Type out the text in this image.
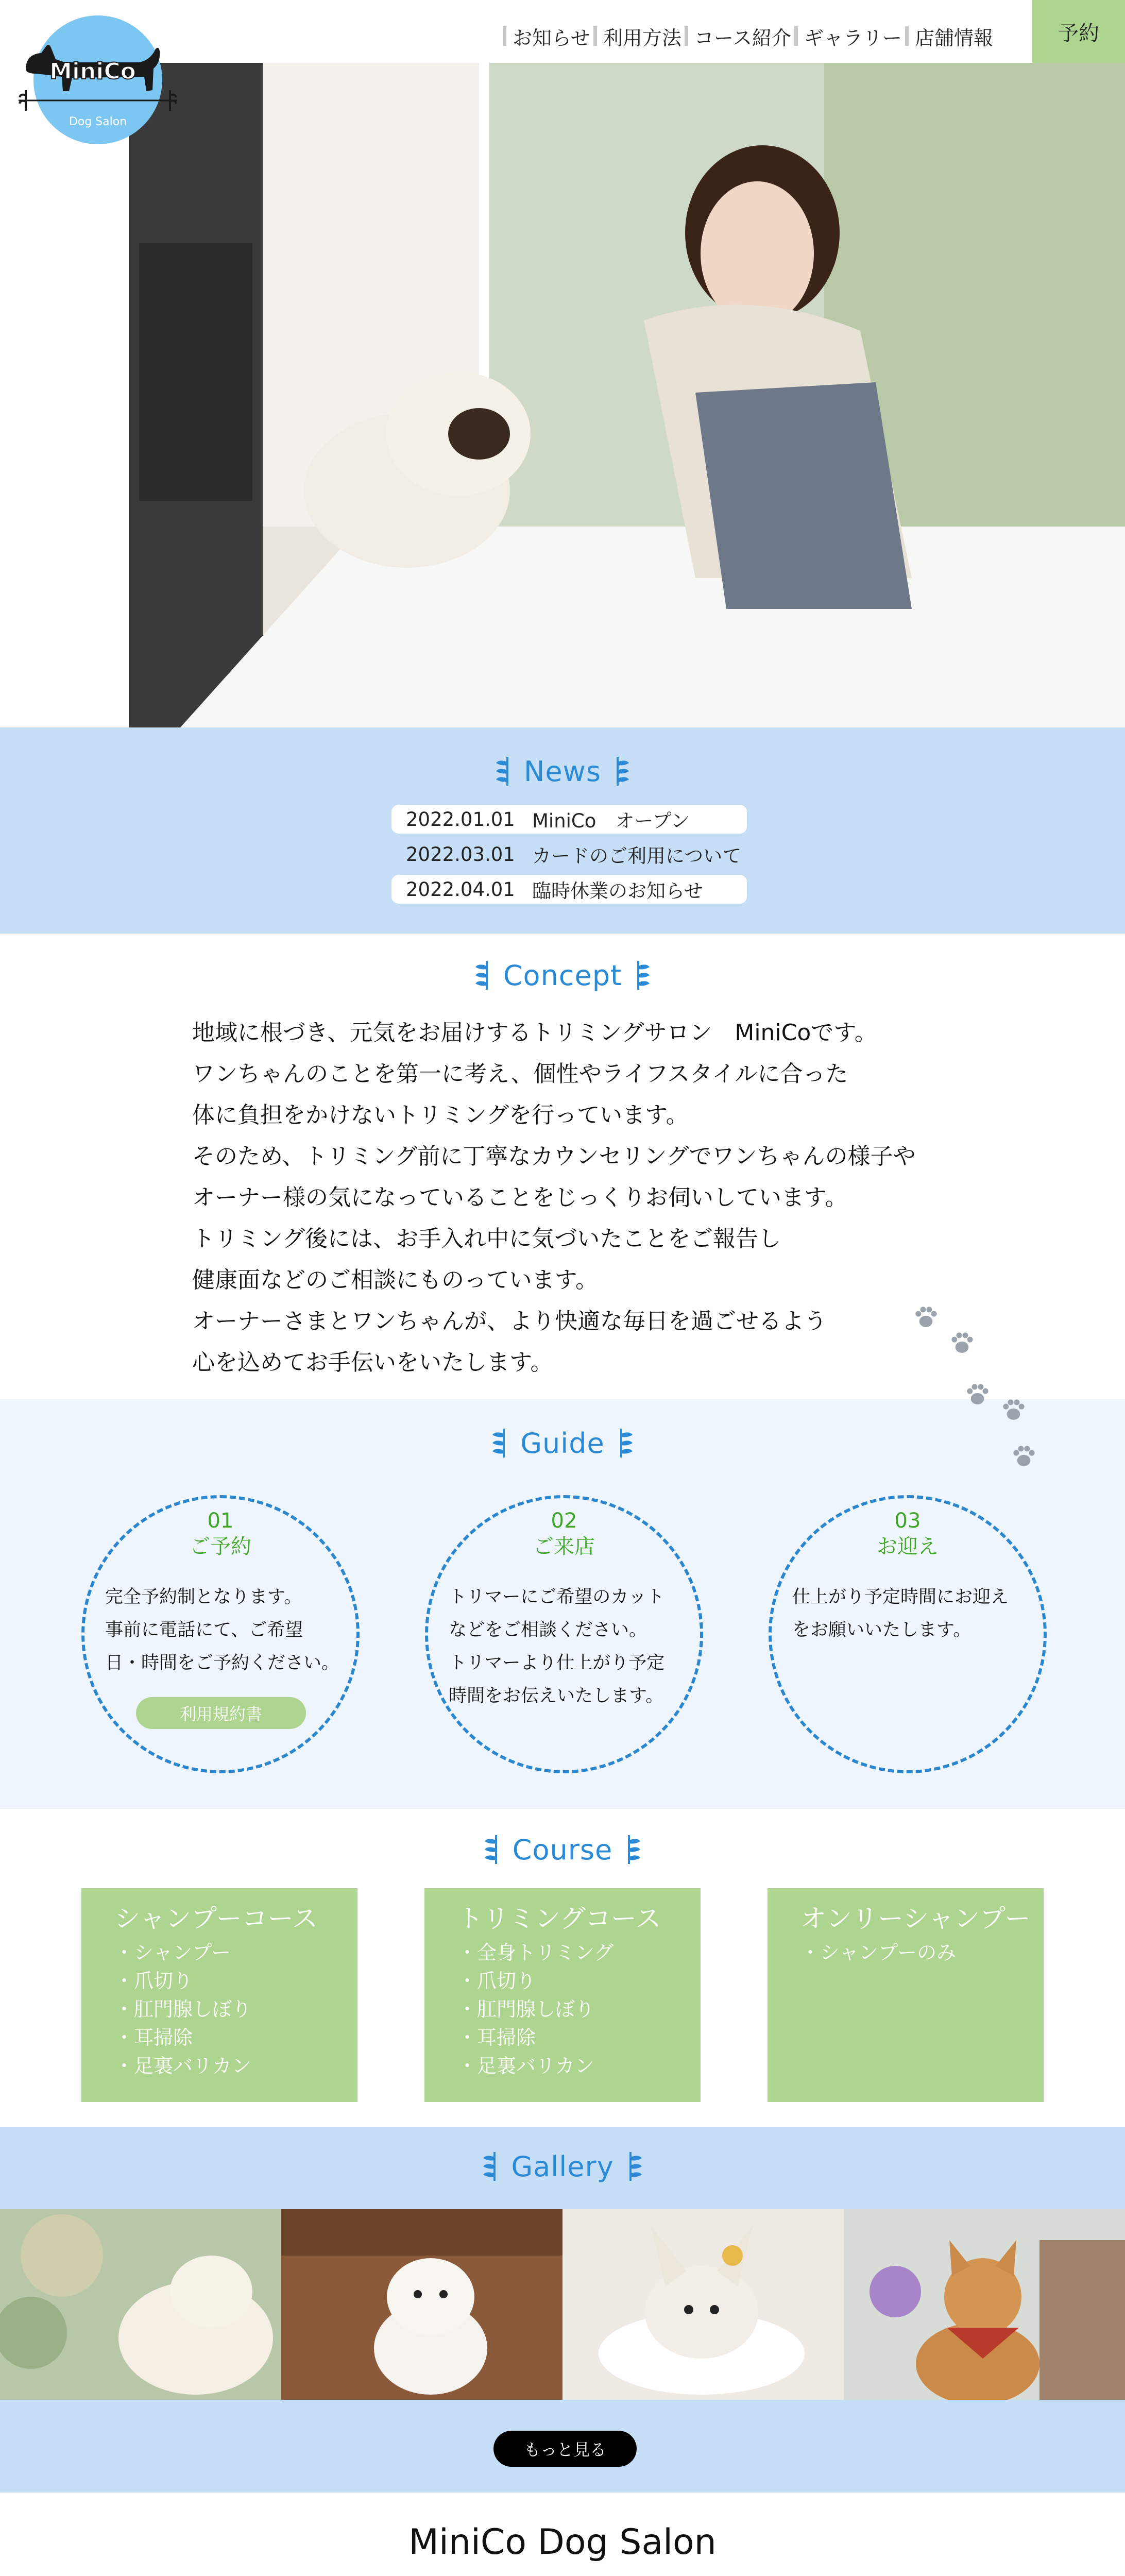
MiniCo
Dog Salon
お知らせ 利用方法 コース紹介 ギャラリー 店舗情報	予約
News
2022.01.01 MiniCo　オープン
2022.03.01 カードのご利用について
2022.04.01 臨時休業のお知らせ
Concept
地域に根づき、元気をお届けするトリミングサロン　MiniCoです。
ワンちゃんのことを第一に考え、個性やライフスタイルに合った
体に負担をかけないトリミングを行っています。
そのため、トリミング前に丁寧なカウンセリングでワンちゃんの様子や
オーナー様の気になっていることをじっくりお伺いしています。
トリミング後には、お手入れ中に気づいたことをご報告し
健康面などのご相談にものっています。
オーナーさまとワンちゃんが、より快適な毎日を過ごせるよう
心を込めてお手伝いをいたします。
Guide
01
ご予約
完全予約制となります。
事前に電話にて、ご希望
日・時間をご予約ください。
利用規約書
02
ご来店
トリマーにご希望のカット
などをご相談ください。
トリマーより仕上がり予定
時間をお伝えいたします。
03
お迎え
仕上がり予定時間にお迎え
をお願いいたします。
Course
シャンプーコース
・シャンプー
・爪切り
・肛門腺しぼり
・耳掃除
・足裏バリカン
トリミングコース
・全身トリミング
・爪切り
・肛門腺しぼり
・耳掃除
・足裏バリカン
オンリーシャンプー
・シャンプーのみ
Gallery
もっと見る
MiniCo Dog Salon
